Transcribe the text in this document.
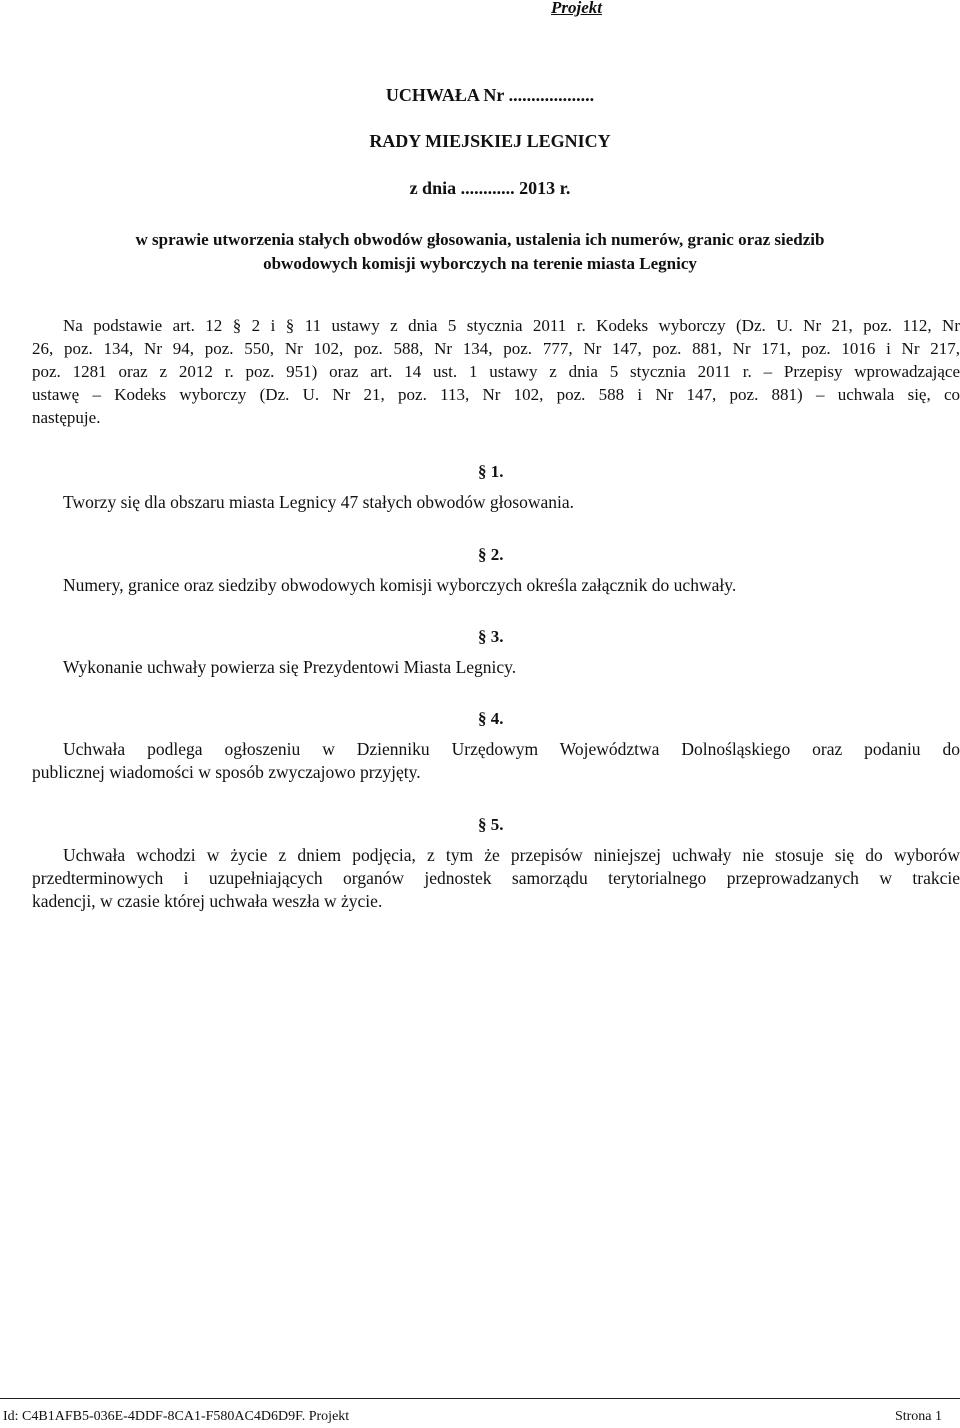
Projekt
UCHWAŁA Nr ...................
RADY MIEJSKIEJ LEGNICY
z dnia ............ 2013 r.
w sprawie utworzenia stałych obwodów głosowania, ustalenia ich numerów, granic oraz siedzib
obwodowych komisji wyborczych na terenie miasta Legnicy
Na podstawie art. 12 § 2 i § 11 ustawy z dnia 5 stycznia 2011 r. Kodeks wyborczy (Dz. U. Nr 21, poz. 112, Nr
26, poz. 134, Nr 94, poz. 550, Nr 102, poz. 588, Nr 134, poz. 777, Nr 147, poz. 881, Nr 171, poz. 1016 i Nr 217,
poz. 1281 oraz z 2012 r. poz. 951) oraz art. 14 ust. 1 ustawy z dnia 5 stycznia 2011 r. – Przepisy wprowadzające
ustawę – Kodeks wyborczy (Dz. U. Nr 21, poz. 113, Nr 102, poz. 588 i Nr 147, poz. 881) – uchwala się, co
następuje.
§ 1.
Tworzy się dla obszaru miasta Legnicy 47 stałych obwodów głosowania.
§ 2.
Numery, granice oraz siedziby obwodowych komisji wyborczych określa załącznik do uchwały.
§ 3.
Wykonanie uchwały powierza się Prezydentowi Miasta Legnicy.
§ 4.
Uchwała podlega ogłoszeniu w Dzienniku Urzędowym Województwa Dolnośląskiego oraz podaniu do
publicznej wiadomości w sposób zwyczajowo przyjęty.
§ 5.
Uchwała wchodzi w życie z dniem podjęcia, z tym że przepisów niniejszej uchwały nie stosuje się do wyborów
przedterminowych i uzupełniających organów jednostek samorządu terytorialnego przeprowadzanych w trakcie
kadencji, w czasie której uchwała weszła w życie.
Id: C4B1AFB5-036E-4DDF-8CA1-F580AC4D6D9F. Projekt	Strona 1
